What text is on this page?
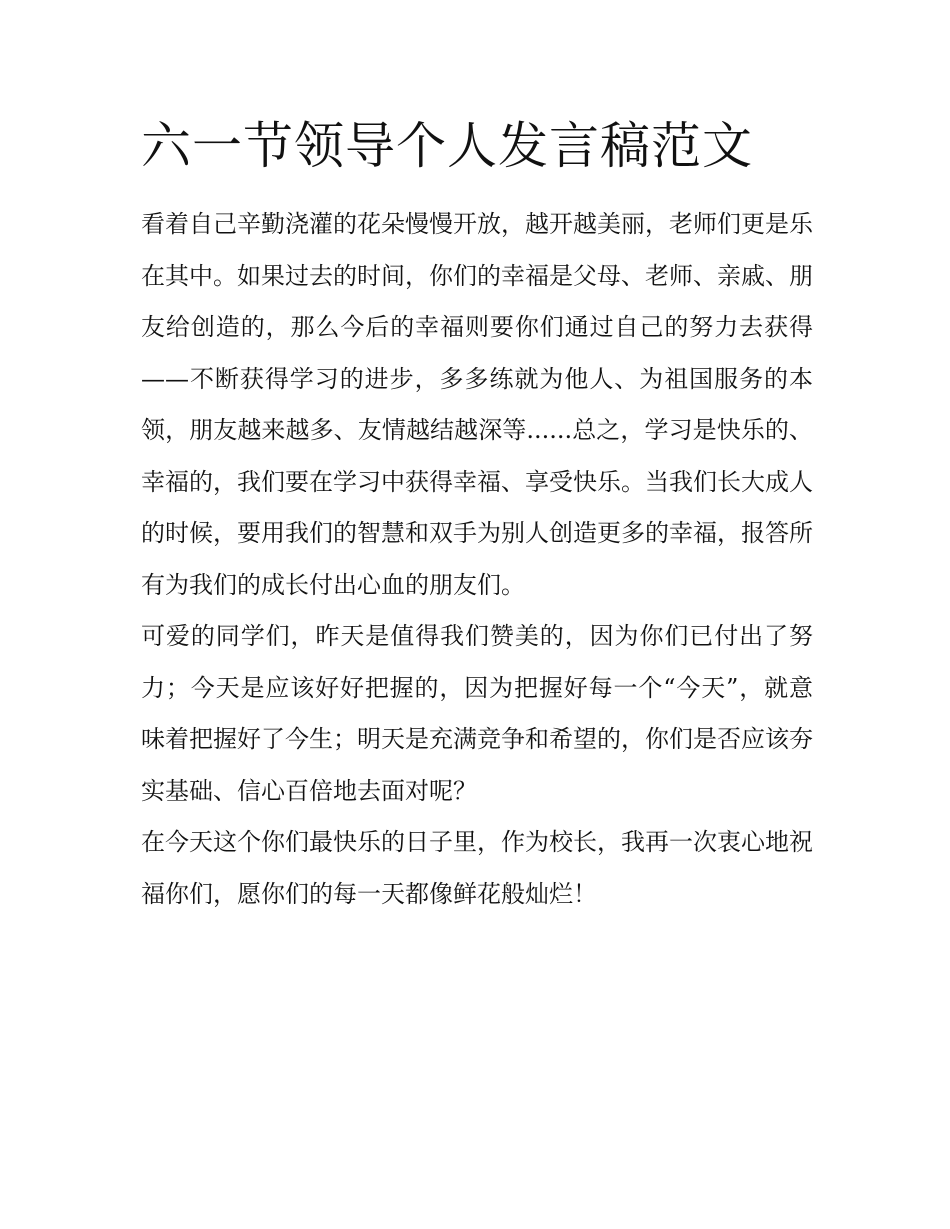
六一节领导个人发言稿范文

看着自己辛勤浇灌的花朵慢慢开放，越开越美丽，老师们更是乐在其中。如果过去的时间，你们的幸福是父母、老师、亲戚、朋友给创造的，那么今后的幸福则要你们通过自己的努力去获得——不断获得学习的进步，多多练就为他人、为祖国服务的本领，朋友越来越多、友情越结越深等......总之，学习是快乐的、幸福的，我们要在学习中获得幸福、享受快乐。当我们长大成人的时候，要用我们的智慧和双手为别人创造更多的幸福，报答所有为我们的成长付出心血的朋友们。

可爱的同学们，昨天是值得我们赞美的，因为你们已付出了努力；今天是应该好好把握的，因为把握好每一个“今天”，就意味着把握好了今生；明天是充满竞争和希望的，你们是否应该夯实基础、信心百倍地去面对呢？

在今天这个你们最快乐的日子里，作为校长，我再一次衷心地祝福你们，愿你们的每一天都像鲜花般灿烂！
